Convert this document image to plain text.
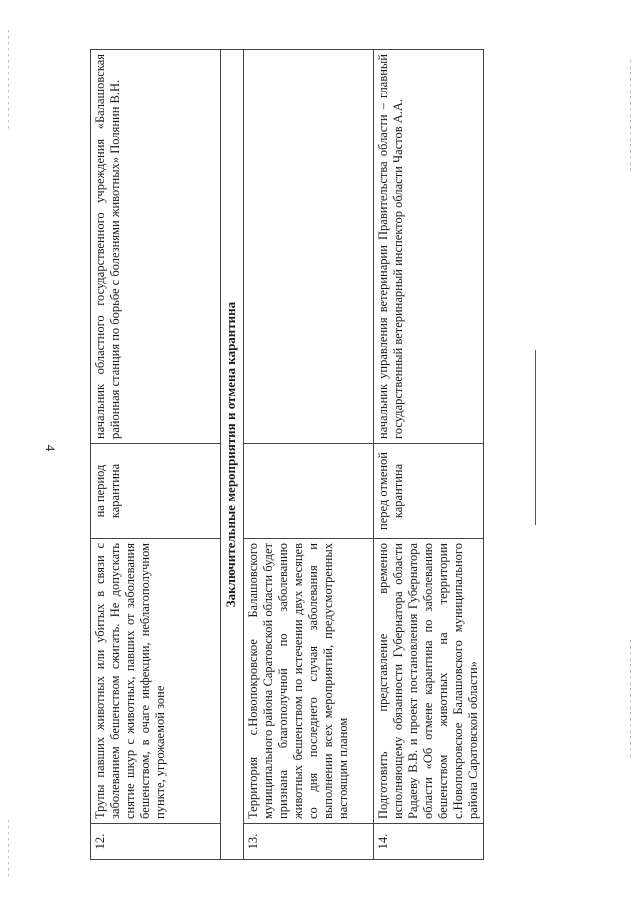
4
12.	Трупы павших животных или убитых в связи с заболеванием бешенством сжигать. Не допускать снятие шкур с животных, павших от заболевания бешенством, в очаге инфекции, неблагополучном пункте, угрожаемой зоне	на период карантина	начальник областного государственного учреждения «Балашовская районная станция по борьбе с болезнями животных» Полянин В.Н.
Заключительные мероприятия и отмена карантина			
13.	Территория с.Новопокровское Балашовского муниципального района Саратовской области будет признана благополучной по заболеванию животных бешенством по истечении двух месяцев со дня последнего случая заболевания и выполнении всех мероприятий, предусмотренных настоящим планом		
14.	Подготовить представление временно исполняющему обязанности Губернатора области Радаеву В.В. и проект постановления Губернатора области «Об отмене карантина по заболеванию бешенством животных на территории с.Новопокровское Балашовского муниципального района Саратовской области»	перед отменой карантина	начальник управления ветеринарии Правительства области – главный государственный ветеринарный инспектор области Частов А.А.
